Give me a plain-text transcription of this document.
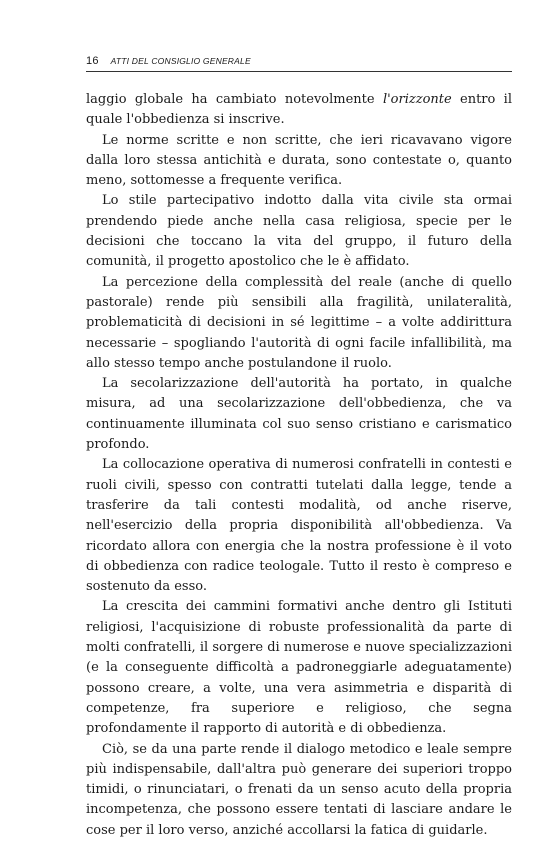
16 ATTI DEL CONSIGLIO GENERALE

laggio globale ha cambiato notevolmente l'orizzonte entro il quale l'obbedienza si inscrive.

Le norme scritte e non scritte, che ieri ricavavano vigore dalla loro stessa antichità e durata, sono contestate o, quanto meno, sottomesse a frequente verifica.

Lo stile partecipativo indotto dalla vita civile sta ormai prendendo piede anche nella casa religiosa, specie per le decisioni che toccano la vita del gruppo, il futuro della comunità, il progetto apostolico che le è affidato.

La percezione della complessità del reale (anche di quello pastorale) rende più sensibili alla fragilità, unilateralità, problematicità di decisioni in sé legittime – a volte addirittura necessarie – spogliando l'autorità di ogni facile infallibilità, ma allo stesso tempo anche postulandone il ruolo.

La secolarizzazione dell'autorità ha portato, in qualche misura, ad una secolarizzazione dell'obbedienza, che va continuamente illuminata col suo senso cristiano e carismatico profondo.

La collocazione operativa di numerosi confratelli in contesti e ruoli civili, spesso con contratti tutelati dalla legge, tende a trasferire da tali contesti modalità, od anche riserve, nell'esercizio della propria disponibilità all'obbedienza. Va ricordato allora con energia che la nostra professione è il voto di obbedienza con radice teologale. Tutto il resto è compreso e sostenuto da esso.

La crescita dei cammini formativi anche dentro gli Istituti religiosi, l'acquisizione di robuste professionalità da parte di molti confratelli, il sorgere di numerose e nuove specializzazioni (e la conseguente difficoltà a padroneggiarle adeguatamente) possono creare, a volte, una vera asimmetria e disparità di competenze, fra superiore e religioso, che segna profondamente il rapporto di autorità e di obbedienza.

Ciò, se da una parte rende il dialogo metodico e leale sempre più indispensabile, dall'altra può generare dei superiori troppo timidi, o rinunciatari, o frenati da un senso acuto della propria incompetenza, che possono essere tentati di lasciare andare le cose per il loro verso, anziché accollarsi la fatica di guidarle.
